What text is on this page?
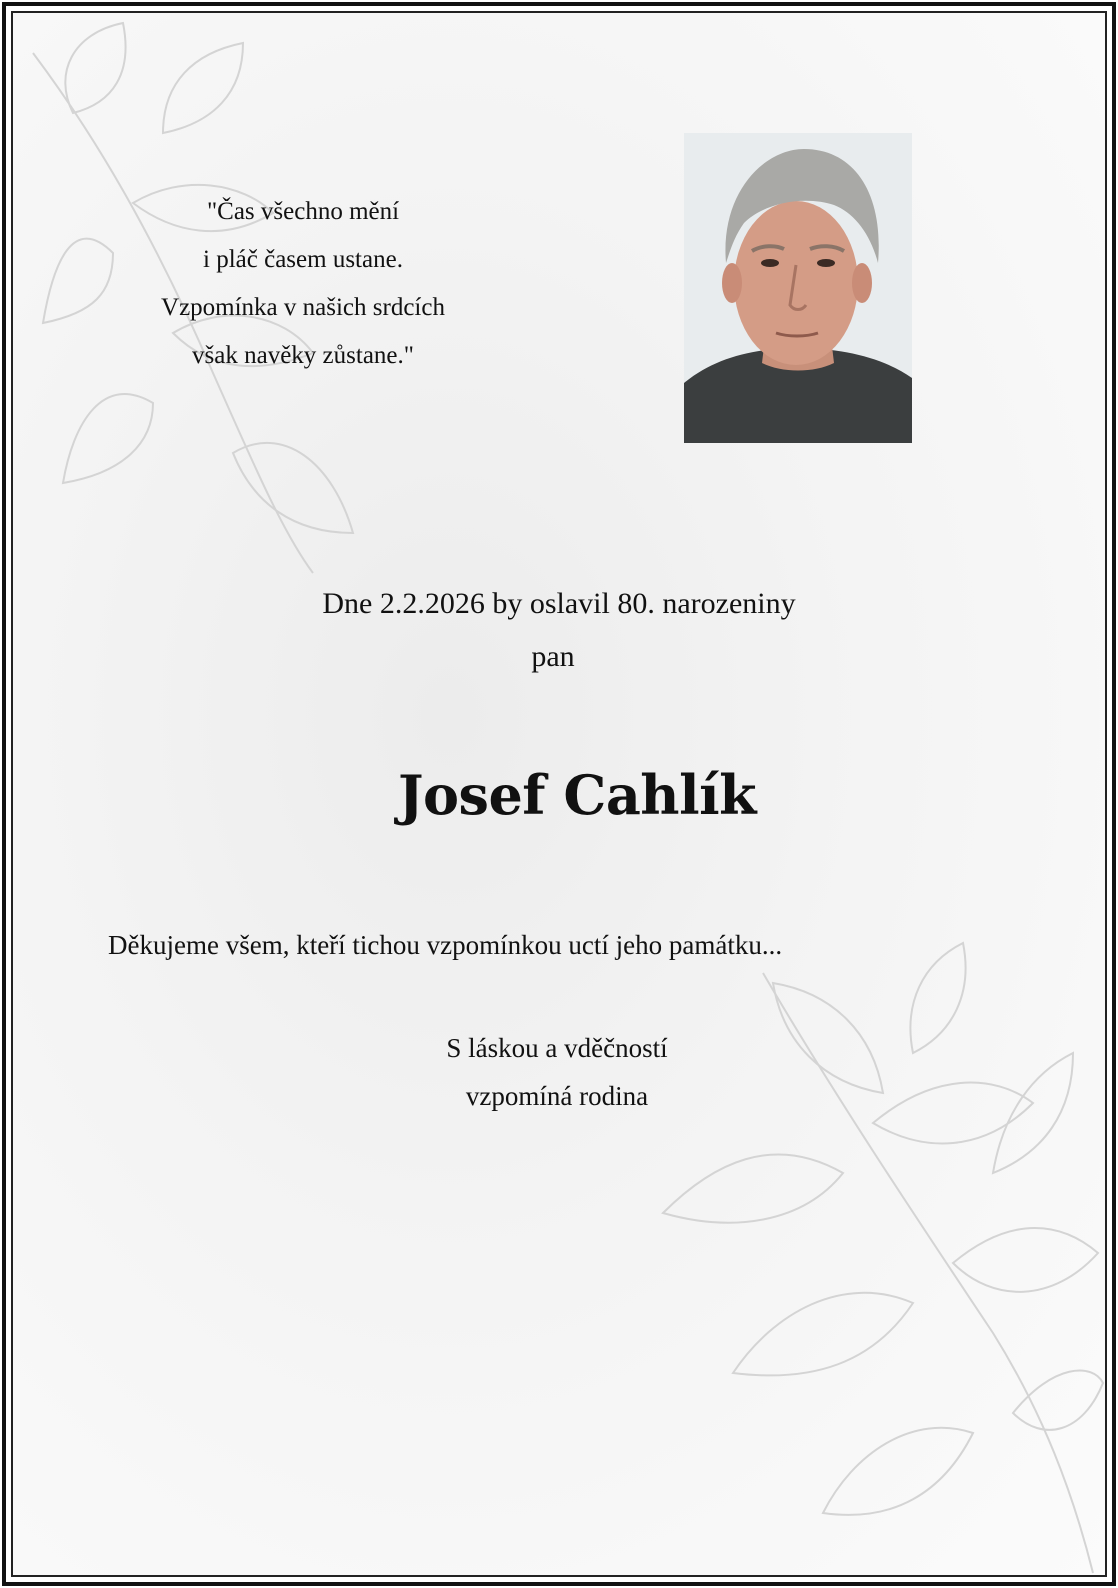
"Čas všechno mění
i pláč časem ustane.
Vzpomínka v našich srdcích
však navěky zůstane."
Dne 2.2.2026 by oslavil 80. narozeniny
pan
Josef Cahlík
Děkujeme všem, kteří tichou vzpomínkou uctí jeho památku...
S láskou a vděčností
vzpomíná rodina
